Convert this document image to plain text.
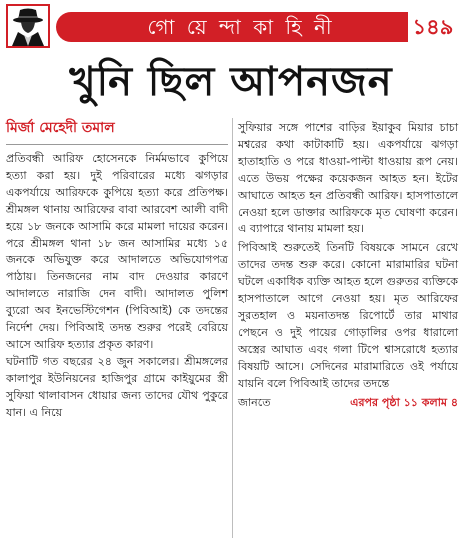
গো য়ে ন্দা কা হি নী	১৪৯
খুনি ছিল আপনজন
মির্জা মেহেদী তমাল

প্রতিবন্ধী আরিফ হোসেনকে নির্মমভাবে কুপিয়ে হত্যা করা হয়। দুই পরিবারের মধ্যে ঝগড়ার একপর্যায়ে আরিফকে কুপিয়ে হত্যা করে প্রতিপক্ষ। শ্রীমঙ্গল থানায় আরিফের বাবা আরবেশ আলী বাদী হয়ে ১৮ জনকে আসামি করে মামলা দায়ের করেন। পরে শ্রীমঙ্গল থানা ১৮ জন আসামির মধ্যে ১৫ জনকে অভিযুক্ত করে আদালতে অভিযোগপত্র পাঠায়। তিনজনের নাম বাদ দেওয়ার কারণে আদালতে নারাজি দেন বাদী। আদালত পুলিশ ব্যুরো অব ইনভেস্টিগেশন (পিবিআই) কে তদন্তের নির্দেশ দেয়। পিবিআই তদন্ত শুরুর পরেই বেরিয়ে আসে আরিফ হত্যার প্রকৃত কারণ।

ঘটনাটি গত বছরের ২৪ জুন সকালের। শ্রীমঙ্গলের কালাপুর ইউনিয়নের হাজিপুর গ্রামে কাইয়ুমের স্ত্রী সুফিয়া থালাবাসন ধোয়ার জন্য তাদের যৌথ পুকুরে যান। এ নিয়ে

সুফিয়ার সঙ্গে পাশের বাড়ির ইয়াকুব মিয়ার চাচা মশ্বরের কথা কাটাকাটি হয়। একপর্যায়ে ঝগড়া হাতাহাতি ও পরে ধাওয়া-পাল্টা ধাওয়ায় রূপ নেয়। এতে উভয় পক্ষের কয়েকজন আহত হন। ইটের আঘাতে আহত হন প্রতিবন্ধী আরিফ। হাসপাতালে নেওয়া হলে ডাক্তার আরিফকে মৃত ঘোষণা করেন। এ ব্যাপারে থানায় মামলা হয়।

পিবিআই শুরুতেই তিনটি বিষয়কে সামনে রেখে তাদের তদন্ত শুরু করে। কোনো মারামারির ঘটনা ঘটলে একাধিক ব্যক্তি আহত হলে গুরুতর ব্যক্তিকে হাসপাতালে আগে নেওয়া হয়। মৃত আরিফের সুরতহাল ও ময়নাতদন্ত রিপোর্টে তার মাথার পেছনে ও দুই পায়ের গোড়ালির ওপর ধারালো অস্ত্রের আঘাত এবং গলা টিপে শ্বাসরোধে হত্যার বিষয়টি আসে। সেদিনের মারামারিতে ওই পর্যায়ে যায়নি বলে পিবিআই তাদের তদন্তে

জানতে	এরপর পৃষ্ঠা ১১ কলাম ৪
